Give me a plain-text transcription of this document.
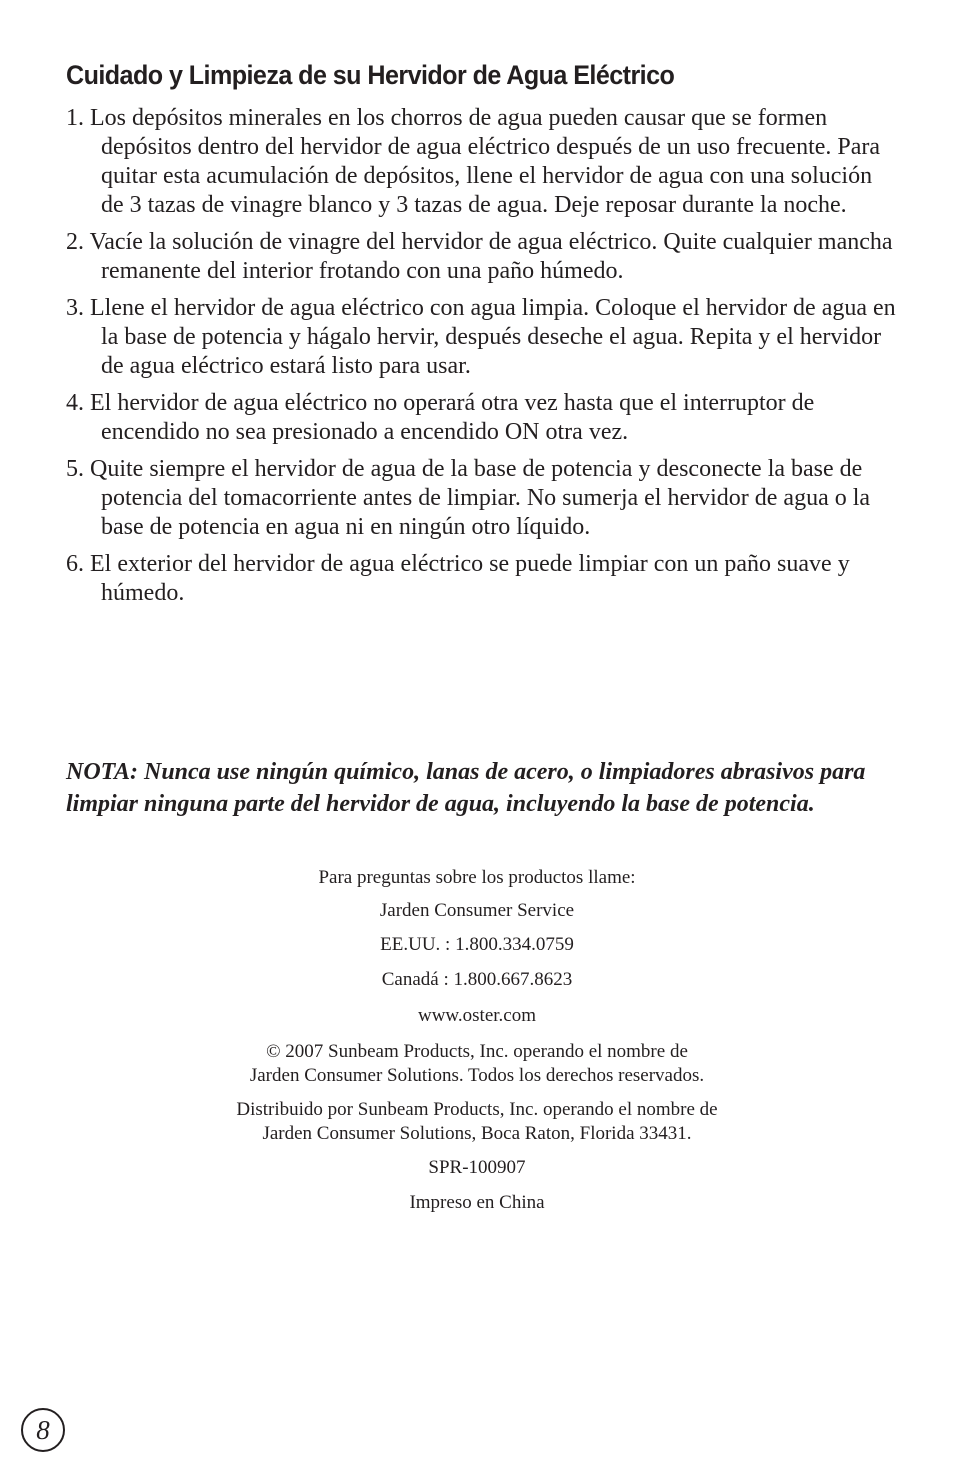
Cuidado y Limpieza de su Hervidor de Agua Eléctrico
1. Los depósitos minerales en los chorros de agua pueden causar que se formen depósitos dentro del hervidor de agua eléctrico después de un uso frecuente. Para quitar esta acumulación de depósitos, llene el hervidor de agua con una solución de 3 tazas de vinagre blanco y 3 tazas de agua. Deje reposar durante la noche.
2. Vacíe la solución de vinagre del hervidor de agua eléctrico. Quite cualquier mancha remanente del interior frotando con una paño húmedo.
3. Llene el hervidor de agua eléctrico con agua limpia. Coloque el hervidor de agua en la base de potencia y hágalo hervir, después deseche el agua. Repita y el hervidor de agua eléctrico estará listo para usar.
4. El hervidor de agua eléctrico no operará otra vez hasta que el interruptor de encendido no sea presionado a encendido ON otra vez.
5. Quite siempre el hervidor de agua de la base de potencia y desconecte la base de potencia del tomacorriente antes de limpiar. No sumerja el hervidor de agua o la base de potencia en agua ni en ningún otro líquido.
6. El exterior del hervidor de agua eléctrico se puede limpiar con un paño suave y húmedo.

NOTA: Nunca use ningún químico, lanas de acero, o limpiadores abrasivos para limpiar ninguna parte del hervidor de agua, incluyendo la base de potencia.

Para preguntas sobre los productos llame:

Jarden Consumer Service

EE.UU. : 1.800.334.0759

Canadá : 1.800.667.8623

www.oster.com

© 2007 Sunbeam Products, Inc. operando el nombre de

Jarden Consumer Solutions. Todos los derechos reservados.

Distribuido por Sunbeam Products, Inc. operando el nombre de

Jarden Consumer Solutions, Boca Raton, Florida 33431.

SPR-100907

Impreso en China

8
